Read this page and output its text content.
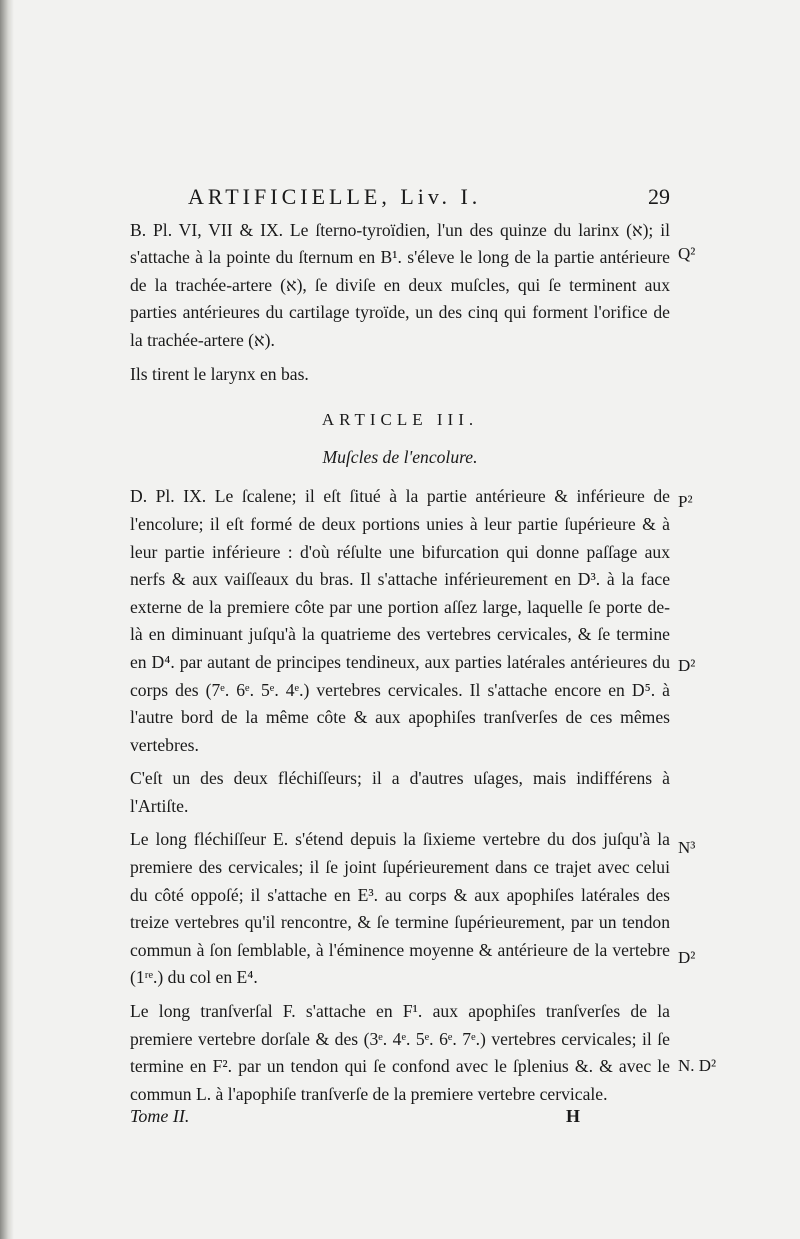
ARTIFICIELLE, Liv. I.	29

B. Pl. VI, VII & IX. Le ſterno-tyroïdien, l'un des quinze du larinx (א); il s'attache à la pointe du ſternum en B¹. s'éleve le long de la partie antérieure de la trachée-artere (א), ſe diviſe en deux muſcles, qui ſe terminent aux parties antérieures du cartilage tyroïde, un des cinq qui forment l'orifice de la trachée-artere (א).

Ils tirent le larynx en bas.

ARTICLE III.
Muſcles de l'encolure.

D. Pl. IX. Le ſcalene; il eſt ſitué à la partie antérieure & inférieure de l'encolure; il eſt formé de deux portions unies à leur partie ſupérieure & à leur partie inférieure : d'où réſulte une bifurcation qui donne paſſage aux nerfs & aux vaiſſeaux du bras. Il s'attache inférieurement en D³. à la face externe de la premiere côte par une portion aſſez large, laquelle ſe porte de-là en diminuant juſqu'à la quatrieme des vertebres cervicales, & ſe termine en D⁴. par autant de principes tendineux, aux parties latérales antérieures du corps des (7ᵉ. 6ᵉ. 5ᵉ. 4ᵉ.) vertebres cervicales. Il s'attache encore en D⁵. à l'autre bord de la même côte & aux apophiſes tranſverſes de ces mêmes vertebres.

C'eſt un des deux fléchiſſeurs; il a d'autres uſages, mais indifférens à l'Artiſte.

Le long fléchiſſeur E. s'étend depuis la ſixieme vertebre du dos juſqu'à la premiere des cervicales; il ſe joint ſupérieurement dans ce trajet avec celui du côté oppoſé; il s'attache en E³. au corps & aux apophiſes latérales des treize vertebres qu'il rencontre, & ſe termine ſupérieurement, par un tendon commun à ſon ſemblable, à l'éminence moyenne & antérieure de la vertebre (1ʳᵉ.) du col en E⁴.

Le long tranſverſal F. s'attache en F¹. aux apophiſes tranſverſes de la premiere vertebre dorſale & des (3ᵉ. 4ᵉ. 5ᵉ. 6ᵉ. 7ᵉ.) vertebres cervicales; il ſe termine en F². par un tendon qui ſe confond avec le ſplenius &. & avec le commun L. à l'apophiſe tranſverſe de la premiere vertebre cervicale.

Q²
P²
D²
N³
D²
N. D²
Tome II.	H
